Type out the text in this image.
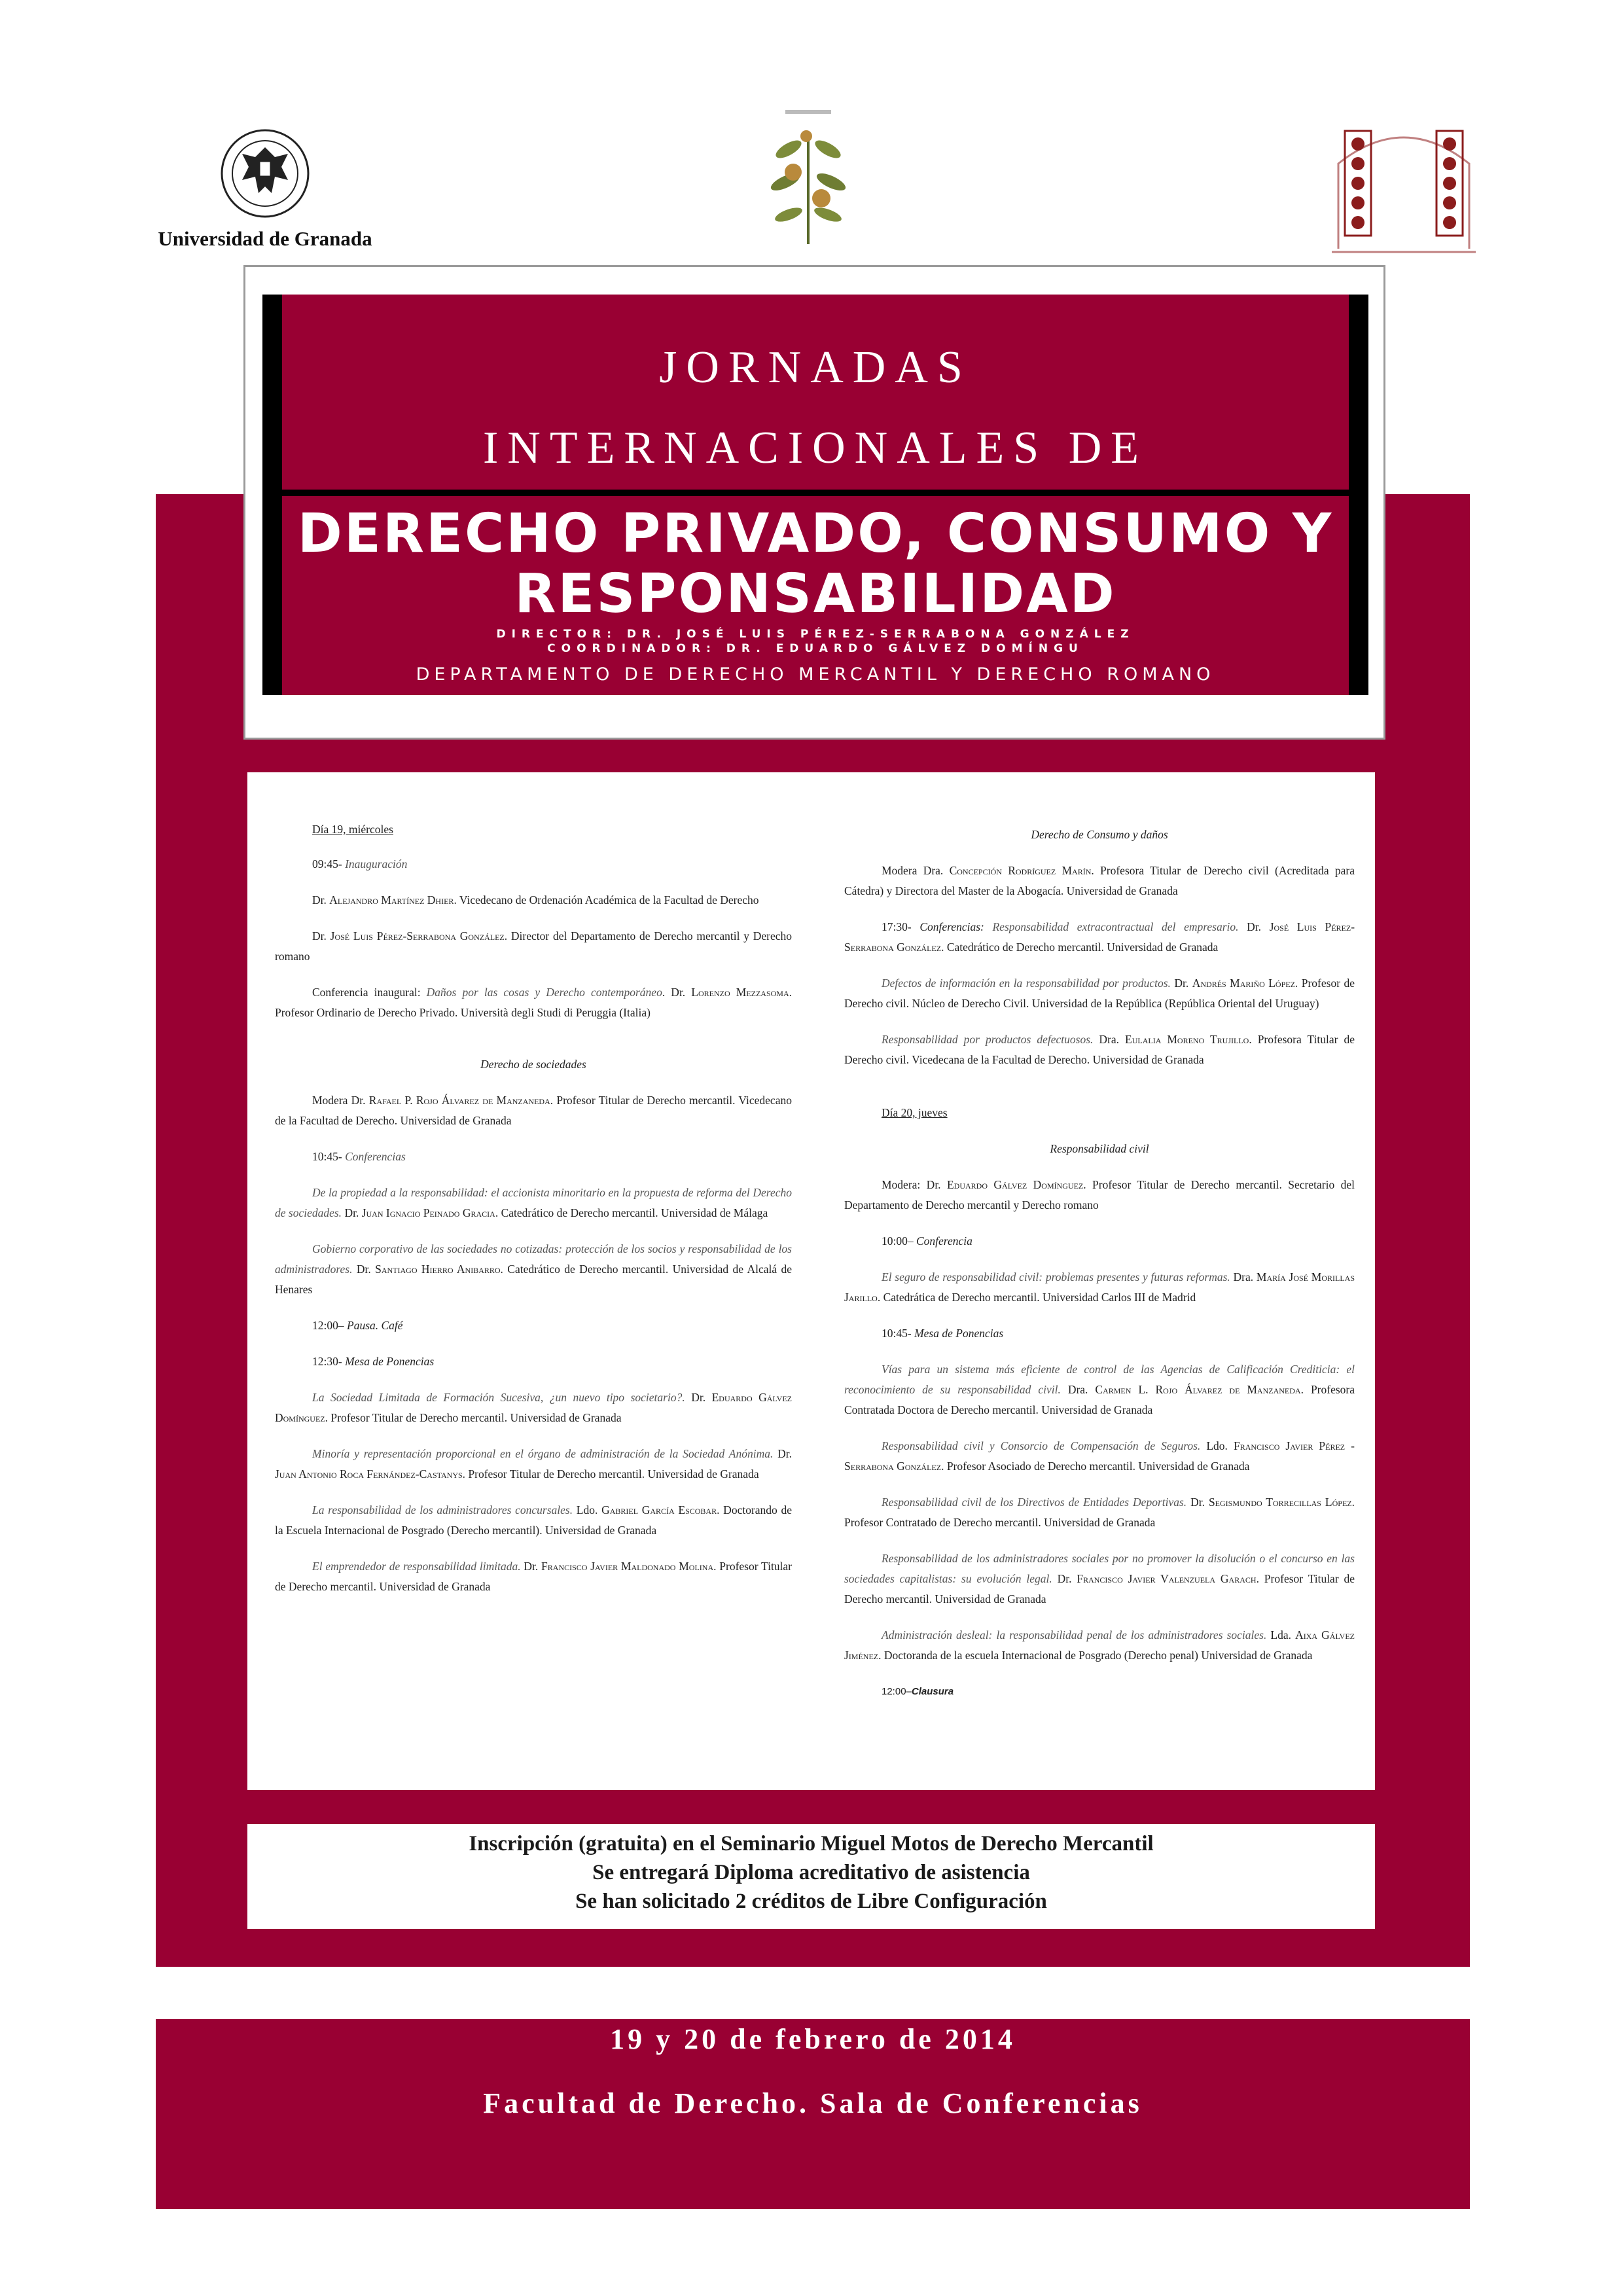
Universidad de Granada
JORNADAS
INTERNACIONALES DE
DERECHO PRIVADO, CONSUMO Y
RESPONSABILIDAD
DIRECTOR: DR. JOSÉ LUIS PÉREZ-SERRABONA GONZÁLEZ
COORDINADOR: DR. EDUARDO GÁLVEZ DOMÍNGU
DEPARTAMENTO DE DERECHO MERCANTIL Y DERECHO ROMANO

Día 19, miércoles

09:45- Inauguración

Dr. Alejandro Martínez Dhier. Vicedecano de Ordenación Académica de la Facultad de Derecho

Dr. José Luis Pérez-Serrabona González. Director del Departamento de Derecho mercantil y Derecho romano

Conferencia inaugural: Daños por las cosas y Derecho contemporáneo. Dr. Lorenzo Mezzasoma. Profesor Ordinario de Derecho Privado. Università degli Studi di Peruggia (Italia)

Derecho de sociedades

Modera Dr. Rafael P. Rojo Álvarez de Manzaneda. Profesor Titular de Derecho mercantil. Vicedecano de la Facultad de Derecho. Universidad de Granada

10:45- Conferencias

De la propiedad a la responsabilidad: el accionista minoritario en la propuesta de reforma del Derecho de sociedades. Dr. Juan Ignacio Peinado Gracia. Catedrático de Derecho mercantil. Universidad de Málaga

Gobierno corporativo de las sociedades no cotizadas: protección de los socios y responsabilidad de los administradores. Dr. Santiago Hierro Anibarro. Catedrático de Derecho mercantil. Universidad de Alcalá de Henares

12:00– Pausa. Café

12:30- Mesa de Ponencias

La Sociedad Limitada de Formación Sucesiva, ¿un nuevo tipo societario?. Dr. Eduardo Gálvez Domínguez. Profesor Titular de Derecho mercantil. Universidad de Granada

Minoría y representación proporcional en el órgano de administración de la Sociedad Anónima. Dr. Juan Antonio Roca Fernández-Castanys. Profesor Titular de Derecho mercantil. Universidad de Granada

La responsabilidad de los administradores concursales. Ldo. Gabriel García Escobar. Doctorando de la Escuela Internacional de Posgrado (Derecho mercantil). Universidad de Granada

El emprendedor de responsabilidad limitada. Dr. Francisco Javier Maldonado Molina. Profesor Titular de Derecho mercantil. Universidad de Granada

Derecho de Consumo y daños

Modera Dra. Concepción Rodríguez Marín. Profesora Titular de Derecho civil (Acreditada para Cátedra) y Directora del Master de la Abogacía. Universidad de Granada

17:30- Conferencias: Responsabilidad extracontractual del empresario. Dr. José Luis Pérez-Serrabona González. Catedrático de Derecho mercantil. Universidad de Granada

Defectos de información en la responsabilidad por productos. Dr. Andrés Mariño López. Profesor de Derecho civil. Núcleo de Derecho Civil. Universidad de la República (República Oriental del Uruguay)

Responsabilidad por productos defectuosos. Dra. Eulalia Moreno Trujillo. Profesora Titular de Derecho civil. Vicedecana de la Facultad de Derecho. Universidad de Granada

Día 20, jueves

Responsabilidad civil

Modera: Dr. Eduardo Gálvez Domínguez. Profesor Titular de Derecho mercantil. Secretario del Departamento de Derecho mercantil y Derecho romano

10:00– Conferencia

El seguro de responsabilidad civil: problemas presentes y futuras reformas. Dra. María José Morillas Jarillo. Catedrática de Derecho mercantil. Universidad Carlos III de Madrid

10:45- Mesa de Ponencias

Vías para un sistema más eficiente de control de las Agencias de Calificación Crediticia: el reconocimiento de su responsabilidad civil. Dra. Carmen L. Rojo Álvarez de Manzaneda. Profesora Contratada Doctora de Derecho mercantil. Universidad de Granada

Responsabilidad civil y Consorcio de Compensación de Seguros. Ldo. Francisco Javier Pérez -Serrabona González. Profesor Asociado de Derecho mercantil. Universidad de Granada

Responsabilidad civil de los Directivos de Entidades Deportivas. Dr. Segismundo Torrecillas López. Profesor Contratado de Derecho mercantil. Universidad de Granada

Responsabilidad de los administradores sociales por no promover la disolución o el concurso en las sociedades capitalistas: su evolución legal. Dr. Francisco Javier Valenzuela Garach. Profesor Titular de Derecho mercantil. Universidad de Granada

Administración desleal: la responsabilidad penal de los administradores sociales. Lda. Aixa Gálvez Jiménez. Doctoranda de la escuela Internacional de Posgrado (Derecho penal) Universidad de Granada

12:00–Clausura

Inscripción (gratuita) en el Seminario Miguel Motos de Derecho Mercantil
Se entregará Diploma acreditativo de asistencia
Se han solicitado 2 créditos de Libre Configuración
19 y 20 de febrero de 2014
Facultad de Derecho. Sala de Conferencias
